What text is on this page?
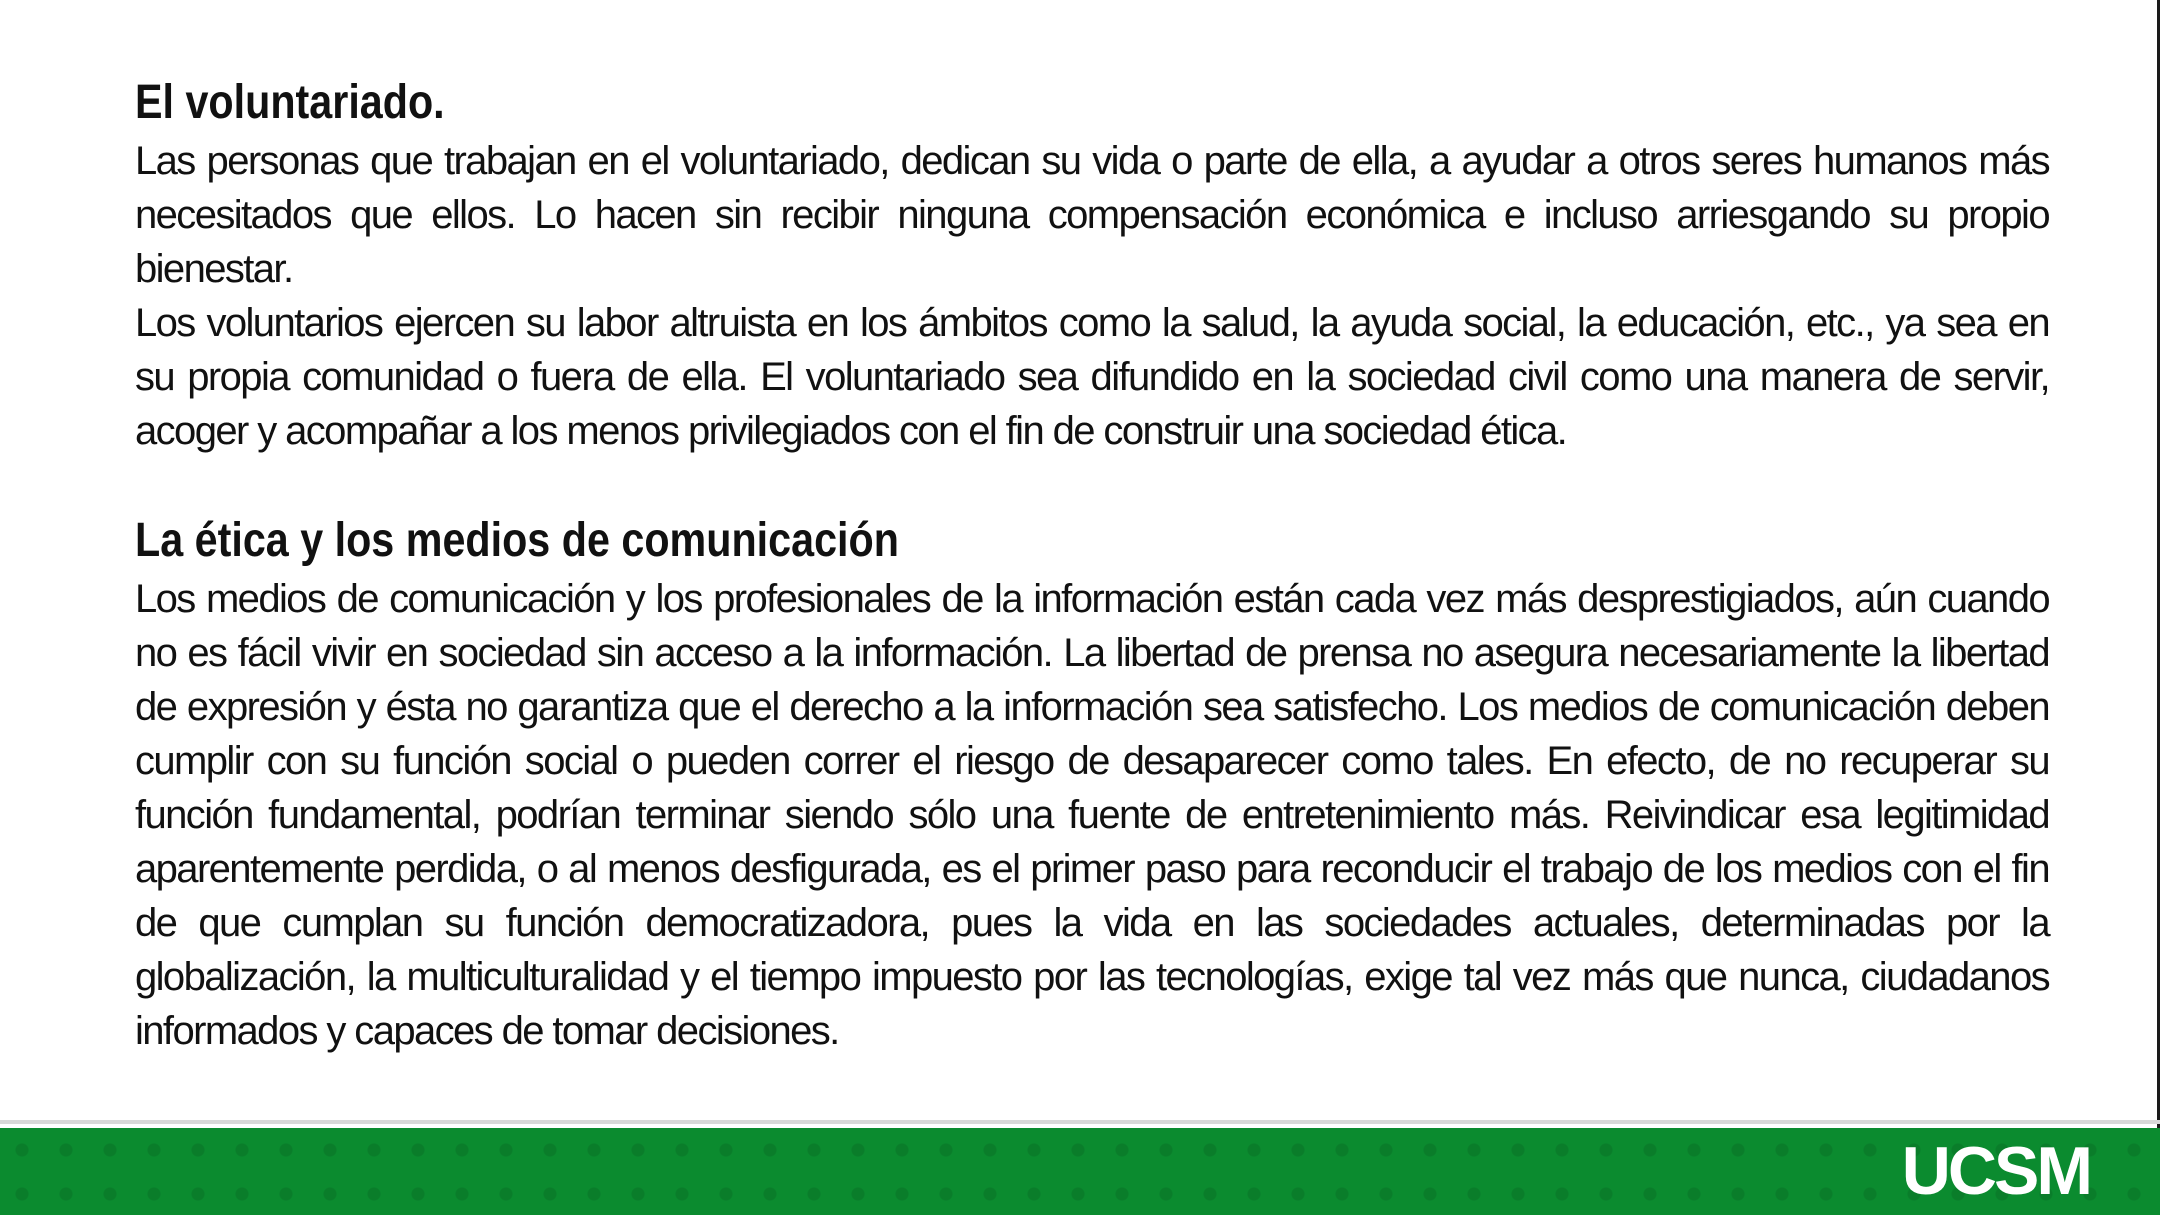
El voluntariado.

Las personas que trabajan en el voluntariado, dedican su vida o parte de ella, a ayudar a otros seres humanos más necesitados que ellos. Lo hacen sin recibir ninguna compensación económica e incluso arriesgando su propio bienestar.

Los voluntarios ejercen su labor altruista en los ámbitos como la salud, la ayuda social, la educación, etc., ya sea en su propia comunidad o fuera de ella. El voluntariado sea difundido en la sociedad civil como una manera de servir, acoger y acompañar a los menos privilegiados con el fin de construir una sociedad ética.

La ética y los medios de comunicación

Los medios de comunicación y los profesionales de la información están cada vez más desprestigiados, aún cuando no es fácil vivir en sociedad sin acceso a la información. La libertad de prensa no asegura necesariamente la libertad de expresión y ésta no garantiza que el derecho a la información sea satisfecho. Los medios de comunicación deben cumplir con su función social o pueden correr el riesgo de desaparecer como tales. En efecto, de no recuperar su función fundamental, podrían terminar siendo sólo una fuente de entretenimiento más. Reivindicar esa legitimidad aparentemente perdida, o al menos desfigurada, es el primer paso para reconducir el trabajo de los medios con el fin de que cumplan su función democratizadora, pues la vida en las sociedades actuales, determinadas por la globalización, la multiculturalidad y el tiempo impuesto por las tecnologías, exige tal vez más que nunca, ciudadanos informados y capaces de tomar decisiones.

UCSM
